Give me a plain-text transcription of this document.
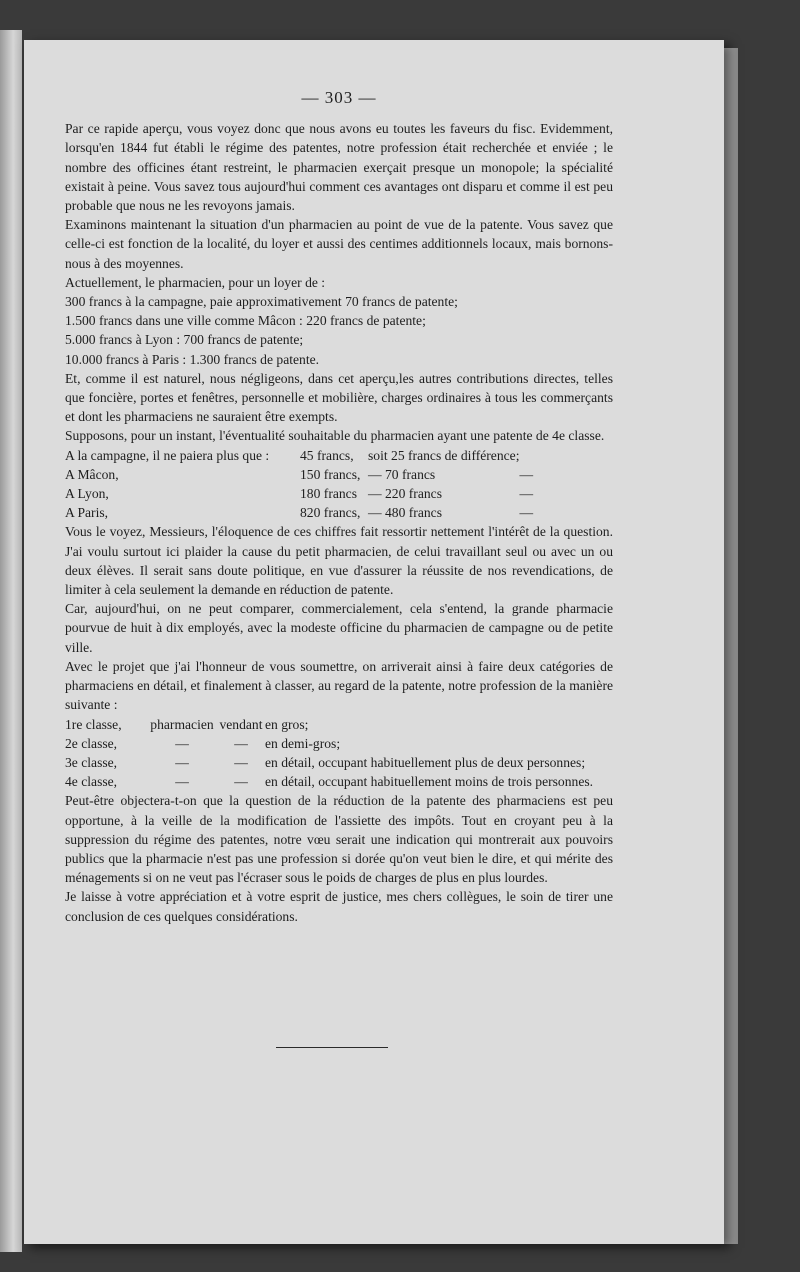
— 303 —

Par ce rapide aperçu, vous voyez donc que nous avons eu toutes les faveurs du fisc. Evidemment, lorsqu'en 1844 fut établi le régime des patentes, notre profession était recherchée et enviée ; le nombre des officines étant restreint, le pharmacien exerçait presque un monopole; la spécialité existait à peine. Vous savez tous aujourd'hui comment ces avantages ont disparu et comme il est peu probable que nous ne les revoyons jamais.

Examinons maintenant la situation d'un pharmacien au point de vue de la patente. Vous savez que celle-ci est fonction de la localité, du loyer et aussi des centimes additionnels locaux, mais bornons-nous à des moyennes.

Actuellement, le pharmacien, pour un loyer de :

300 francs à la campagne, paie approximativement 70 francs de patente;
1.500 francs dans une ville comme Mâcon : 220 francs de patente;
5.000 francs à Lyon : 700 francs de patente;
10.000 francs à Paris : 1.300 francs de patente.

Et, comme il est naturel, nous négligeons, dans cet aperçu,les autres contributions directes, telles que foncière, portes et fenêtres, personnelle et mobilière, charges ordinaires à tous les commerçants et dont les pharmaciens ne sauraient être exempts.

Supposons, pour un instant, l'éventualité souhaitable du pharmacien ayant une patente de 4e classe.

A la campagne, il ne paiera plus que :	45 francs,	soit 25 francs de différence;	
A Mâcon,	150 francs,	— 70 francs	—
A Lyon,	180 francs	— 220 francs	—
A Paris,	820 francs,	— 480 francs	—

Vous le voyez, Messieurs, l'éloquence de ces chiffres fait ressortir nettement l'intérêt de la question. J'ai voulu surtout ici plaider la cause du petit pharmacien, de celui travaillant seul ou avec un ou deux élèves. Il serait sans doute politique, en vue d'assurer la réussite de nos revendications, de limiter à cela seulement la demande en réduction de patente.

Car, aujourd'hui, on ne peut comparer, commercialement, cela s'entend, la grande pharmacie pourvue de huit à dix employés, avec la modeste officine du pharmacien de campagne ou de petite ville.

Avec le projet que j'ai l'honneur de vous soumettre, on arriverait ainsi à faire deux catégories de pharmaciens en détail, et finalement à classer, au regard de la patente, notre profession de la manière suivante :

1re classe,	pharmacien	vendant	en gros;
2e classe,	—	—	en demi-gros;
3e classe,	—	—	en détail, occupant habituellement plus de deux personnes;
4e classe,	—	—	en détail, occupant habituellement moins de trois personnes.

Peut-être objectera-t-on que la question de la réduction de la patente des pharmaciens est peu opportune, à la veille de la modification de l'assiette des impôts. Tout en croyant peu à la suppression du régime des patentes, notre vœu serait une indication qui montrerait aux pouvoirs publics que la pharmacie n'est pas une profession si dorée qu'on veut bien le dire, et qui mérite des ménagements si on ne veut pas l'écraser sous le poids de charges de plus en plus lourdes.

Je laisse à votre appréciation et à votre esprit de justice, mes chers collègues, le soin de tirer une conclusion de ces quelques considérations.
